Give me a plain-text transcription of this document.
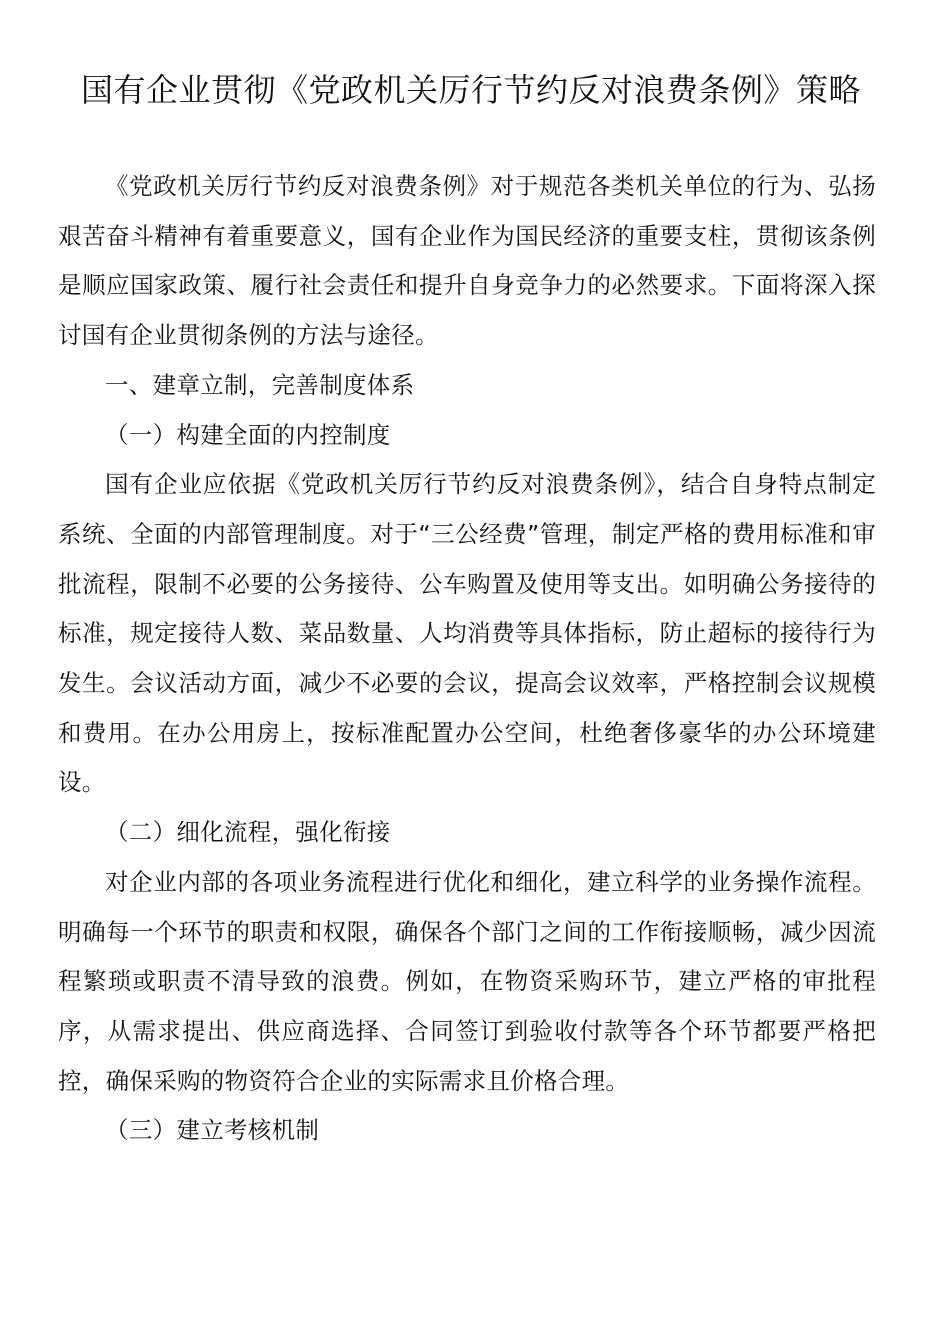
国有企业贯彻《党政机关厉行节约反对浪费条例》策略

《党政机关厉行节约反对浪费条例》对于规范各类机关单位的行为、弘扬艰苦奋斗精神有着重要意义，国有企业作为国民经济的重要支柱，贯彻该条例是顺应国家政策、履行社会责任和提升自身竞争力的必然要求。下面将深入探讨国有企业贯彻条例的方法与途径。

一、建章立制，完善制度体系

（一）构建全面的内控制度

国有企业应依据《党政机关厉行节约反对浪费条例》，结合自身特点制定系统、全面的内部管理制度。对于“三公经费”管理，制定严格的费用标准和审批流程，限制不必要的公务接待、公车购置及使用等支出。如明确公务接待的标准，规定接待人数、菜品数量、人均消费等具体指标，防止超标的接待行为发生。会议活动方面，减少不必要的会议，提高会议效率，严格控制会议规模和费用。在办公用房上，按标准配置办公空间，杜绝奢侈豪华的办公环境建设。

（二）细化流程，强化衔接

对企业内部的各项业务流程进行优化和细化，建立科学的业务操作流程。明确每一个环节的职责和权限，确保各个部门之间的工作衔接顺畅，减少因流程繁琐或职责不清导致的浪费。例如，在物资采购环节，建立严格的审批程序，从需求提出、供应商选择、合同签订到验收付款等各个环节都要严格把控，确保采购的物资符合企业的实际需求且价格合理。

（三）建立考核机制
